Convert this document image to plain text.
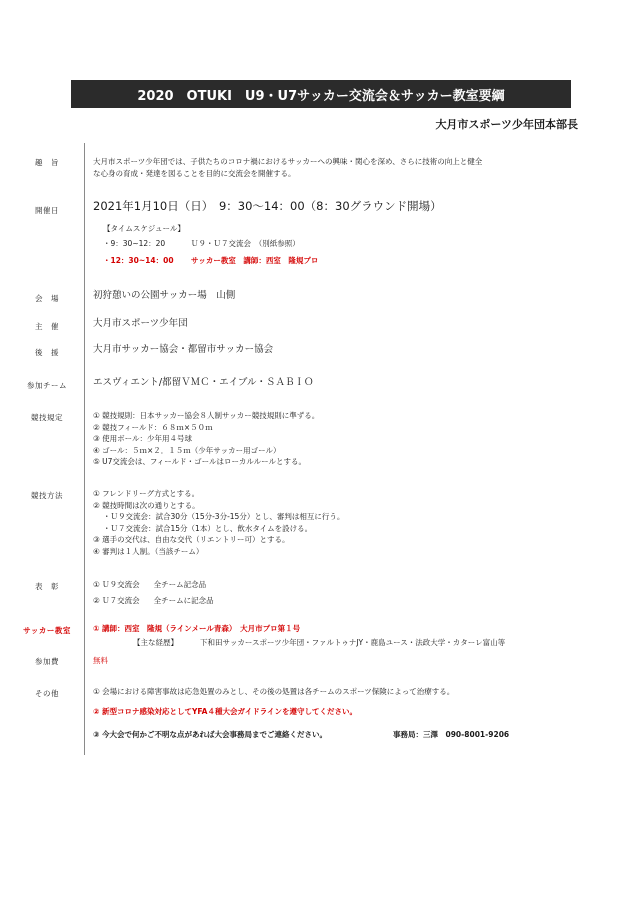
2020　OTUKI　U9・U7サッカー交流会＆サッカー教室要綱
大月市スポーツ少年団本部長
趣　旨	大月市スポーツ少年団では、子供たちのコロナ禍におけるサッカーへの興味・関心を深め、さらに技術の向上と健全
な心身の育成・発達を図ることを目的に交流会を開催する。
開催日	2021年1月10日（日）　9：30～14：00（8：30グラウンド開場）
【タイムスケジュール】
・9：30~12：20	Ｕ９・Ｕ７交流会　（別紙参照）
・12：30~14：00 サッカー教室　講師：西室　隆規プロ
会　場	初狩憩いの公園サッカー場　山側
主　催	大月市スポーツ少年団
後　援	大月市サッカー協会・都留市サッカー協会
参加チーム	エスヴィエント/都留ＶＭＣ・エイブル・ＳＡＢＩＯ
競技規定	① 競技規則：日本サッカー協会８人制サッカー競技規則に準ずる。
② 競技フィールド：６８ｍ×５０ｍ
③ 使用ボール：少年用４号球
④ ゴール：５ｍ×２．１５ｍ（少年サッカー用ゴール）
⑤ U7交流会は、フィールド・ゴールはローカルルールとする。
競技方法	① フレンドリーグ方式とする。
② 競技時間は次の通りとする。
・Ｕ９交流会：試合30分（15分-3分-15分）とし、審判は相互に行う。
・Ｕ７交流会：試合15分（1本）とし、飲水タイムを設ける。
③ 選手の交代は、自由な交代（リエントリー可）とする。
④ 審判は１人制。（当該チーム）
表　彰	① Ｕ９交流会 全チーム記念品
② Ｕ７交流会 全チームに記念品
サッカー教室	① 講師：西室　隆規（ラインメール青森）　大月市プロ第１号
【主な経歴】	下和田サッカースポーツ少年団・ファルトゥナJY・鹿島ユース・法政大学・カターレ富山等
参加費	無料
その他	① 会場における障害事故は応急処置のみとし、その後の処置は各チームのスポーツ保険によって治療する。
② 新型コロナ感染対応としてYFA４種大会ガイドラインを遵守してください。
③ 今大会で何かご不明な点があれば大会事務局までご連絡ください。	事務局：三澤　090-8001-9206
